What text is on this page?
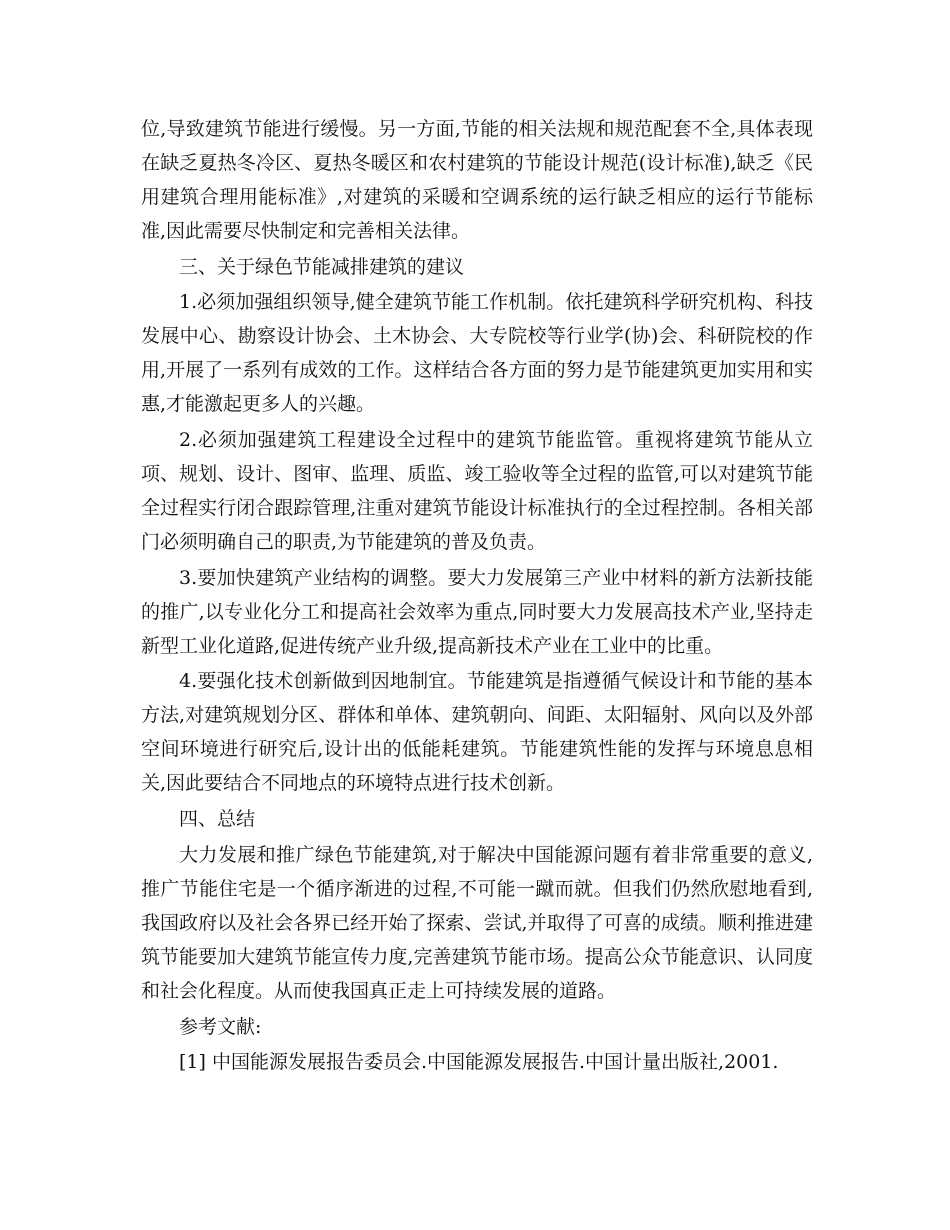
位,导致建筑节能进行缓慢。另一方面,节能的相关法规和规范配套不全,具体表现在缺乏夏热冬冷区、夏热冬暖区和农村建筑的节能设计规范(设计标准),缺乏《民用建筑合理用能标准》,对建筑的采暖和空调系统的运行缺乏相应的运行节能标准,因此需要尽快制定和完善相关法律。

三、关于绿色节能减排建筑的建议

1.必须加强组织领导,健全建筑节能工作机制。依托建筑科学研究机构、科技发展中心、勘察设计协会、土木协会、大专院校等行业学(协)会、科研院校的作用,开展了一系列有成效的工作。这样结合各方面的努力是节能建筑更加实用和实惠,才能激起更多人的兴趣。

2.必须加强建筑工程建设全过程中的建筑节能监管。重视将建筑节能从立项、规划、设计、图审、监理、质监、竣工验收等全过程的监管,可以对建筑节能全过程实行闭合跟踪管理,注重对建筑节能设计标准执行的全过程控制。各相关部门必须明确自己的职责,为节能建筑的普及负责。

3.要加快建筑产业结构的调整。要大力发展第三产业中材料的新方法新技能的推广,以专业化分工和提高社会效率为重点,同时要大力发展高技术产业,坚持走新型工业化道路,促进传统产业升级,提高新技术产业在工业中的比重。

4.要强化技术创新做到因地制宜。节能建筑是指遵循气候设计和节能的基本方法,对建筑规划分区、群体和单体、建筑朝向、间距、太阳辐射、风向以及外部空间环境进行研究后,设计出的低能耗建筑。节能建筑性能的发挥与环境息息相关,因此要结合不同地点的环境特点进行技术创新。

四、总结

大力发展和推广绿色节能建筑,对于解决中国能源问题有着非常重要的意义,推广节能住宅是一个循序渐进的过程,不可能一蹴而就。但我们仍然欣慰地看到,我国政府以及社会各界已经开始了探索、尝试,并取得了可喜的成绩。顺利推进建筑节能要加大建筑节能宣传力度,完善建筑节能市场。提高公众节能意识、认同度和社会化程度。从而使我国真正走上可持续发展的道路。

参考文献:

[1] 中国能源发展报告委员会.中国能源发展报告.中国计量出版社,2001.
